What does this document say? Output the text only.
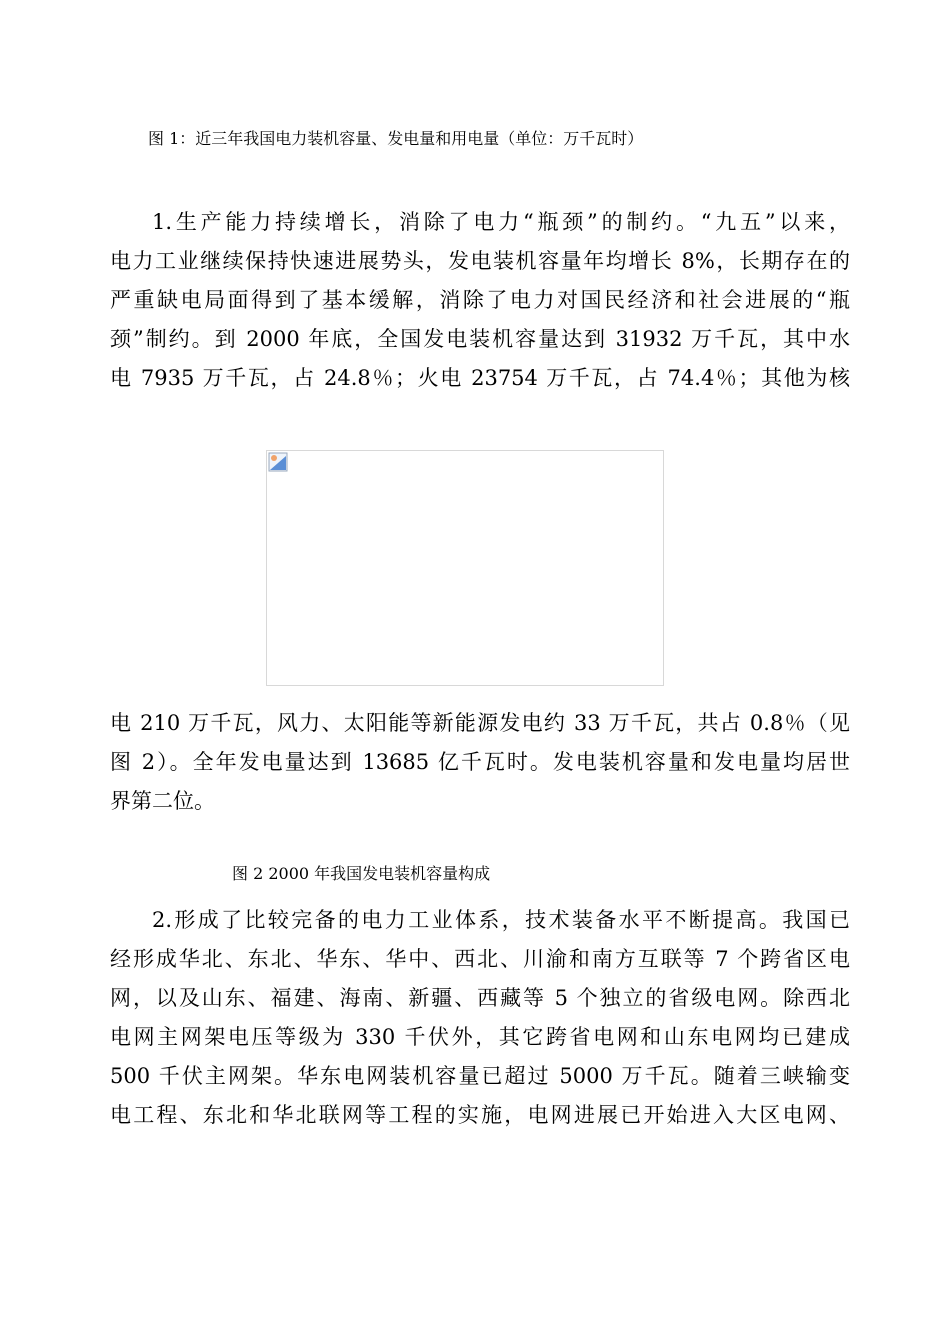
图 1：近三年我国电力装机容量、发电量和用电量（单位：万千瓦时）
1.生产能力持续增长，消除了电力“瓶颈”的制约。“九五”以来，
电力工业继续保持快速进展势头，发电装机容量年均增长 8%，长期存在的
严重缺电局面得到了基本缓解，消除了电力对国民经济和社会进展的“瓶
颈”制约。到 2000 年底，全国发电装机容量达到 31932 万千瓦，其中水
电 7935 万千瓦，占 24.8％；火电 23754 万千瓦，占 74.4％；其他为核
电 210 万千瓦，风力、太阳能等新能源发电约 33 万千瓦，共占 0.8％（见
图 2）。全年发电量达到 13685 亿千瓦时。发电装机容量和发电量均居世
界第二位。
图 2 2000 年我国发电装机容量构成
2.形成了比较完备的电力工业体系，技术装备水平不断提高。我国已
经形成华北、东北、华东、华中、西北、川渝和南方互联等 7 个跨省区电
网，以及山东、福建、海南、新疆、西藏等 5 个独立的省级电网。除西北
电网主网架电压等级为 330 千伏外，其它跨省电网和山东电网均已建成
500 千伏主网架。华东电网装机容量已超过 5000 万千瓦。随着三峡输变
电工程、东北和华北联网等工程的实施，电网进展已开始进入大区电网、
